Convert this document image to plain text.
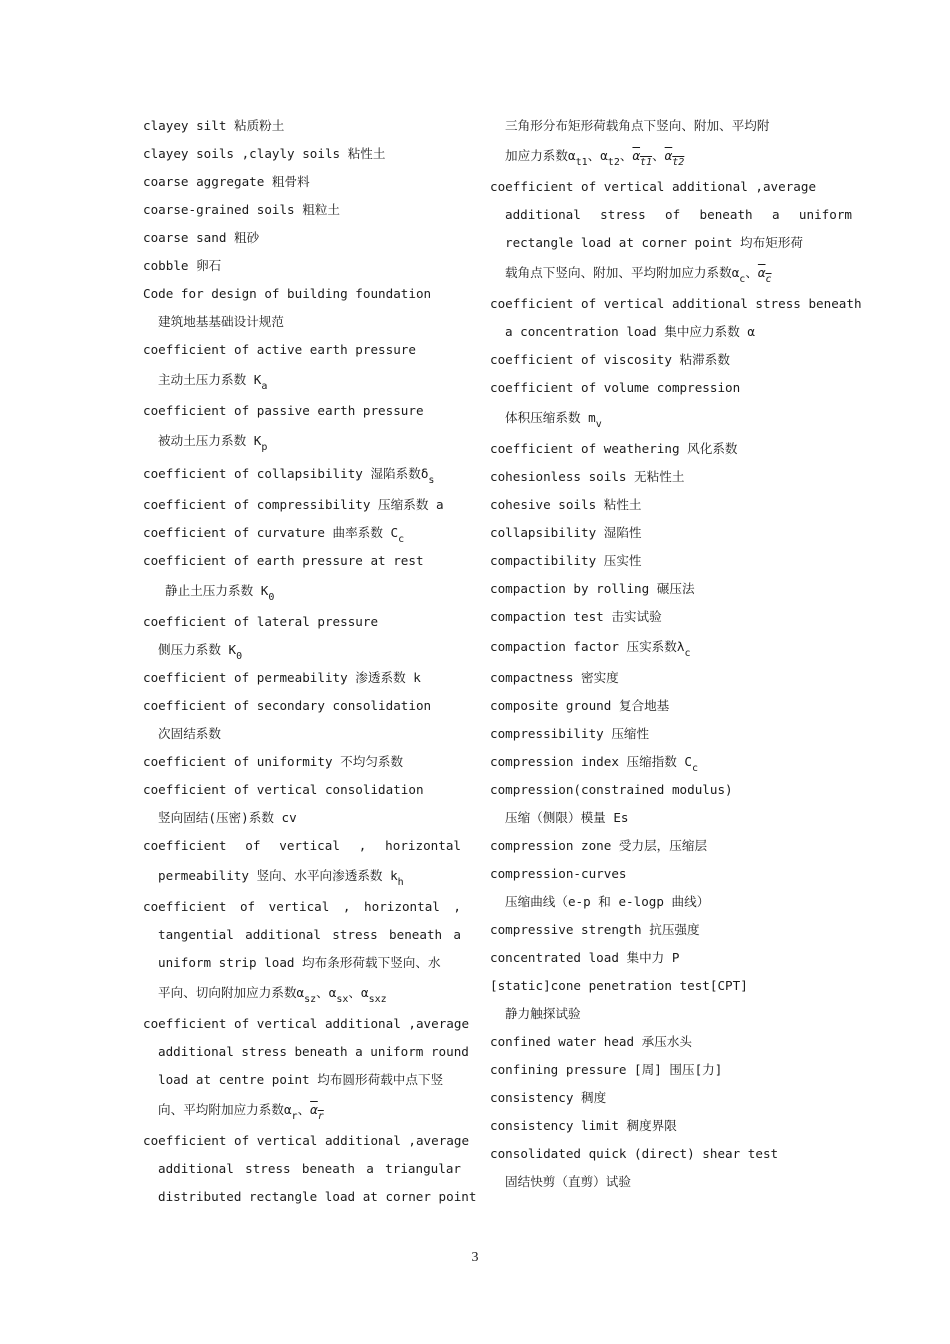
clayey silt 粘质粉土
clayey soils ,clayly soils 粘性土
coarse aggregate 粗骨料
coarse-grained soils 粗粒土
coarse sand 粗砂
cobble 卵石
Code for design of building foundation
建筑地基基础设计规范
coefficient of active earth pressure
主动土压力系数 $K_a$
coefficient of passive earth pressure
被动土压力系数 $K_p$
coefficient of collapsibility 湿陷系数$\delta_s$
coefficient of compressibility 压缩系数 a
coefficient of curvature 曲率系数 $C_c$
coefficient of earth pressure at rest
静止土压力系数 $K_0$
coefficient of lateral pressure
侧压力系数 $K_0$
coefficient of permeability 渗透系数 k
coefficient of secondary consolidation
次固结系数
coefficient of uniformity 不均匀系数
coefficient of vertical consolidation
竖向固结(压密)系数 cv
coefficient of vertical , horizontal
permeability 竖向、水平向渗透系数 $k_h$
coefficient of vertical , horizontal ,
tangential additional stress beneath a
uniform strip load 均布条形荷载下竖向、水
平向、切向附加应力系数$\alpha_{sz}$、$\alpha_{sx}$、$\alpha_{sxz}$
coefficient of vertical additional ,average
additional stress beneath a uniform round
load at centre point 均布圆形荷载中点下竖
向、平均附加应力系数$\alpha_r$、$\overline{\alpha}_{\overline{r}}$
coefficient of vertical additional ,average
additional stress beneath a triangular
distributed rectangle load at corner point
三角形分布矩形荷载角点下竖向、附加、平均附
加应力系数$\alpha_{t1}$、$\alpha_{t2}$、$\overline{\alpha}_{t1}$、$\overline{\alpha}_{t2}$
coefficient of vertical additional ,average
additional stress of beneath a uniform
rectangle load at corner point 均布矩形荷
载角点下竖向、附加、平均附加应力系数$\alpha_c$、$\overline{\alpha}_{\overline{c}}$
coefficient of vertical additional stress beneath
a concentration load 集中应力系数 α
coefficient of viscosity 粘滞系数
coefficient of volume compression
体积压缩系数 $m_v$
coefficient of weathering 风化系数
cohesionless soils 无粘性土
cohesive soils 粘性土
collapsibility 湿陷性
compactibility 压实性
compaction by rolling 碾压法
compaction test 击实试验
compaction factor 压实系数$\lambda_c$
compactness 密实度
composite ground 复合地基
compressibility 压缩性
compression index 压缩指数 $C_c$
compression(constrained modulus)
压缩（侧限）模量 Es
compression zone 受力层，压缩层
compression-curves
压缩曲线（e-p 和 e-logp 曲线）
compressive strength 抗压强度
concentrated load 集中力 P
[static]cone penetration test[CPT]
静力触探试验
confined water head 承压水头
confining pressure [周] 围压[力]
consistency 稠度
consistency limit 稠度界限
consolidated quick (direct) shear test
固结快剪（直剪）试验
3
